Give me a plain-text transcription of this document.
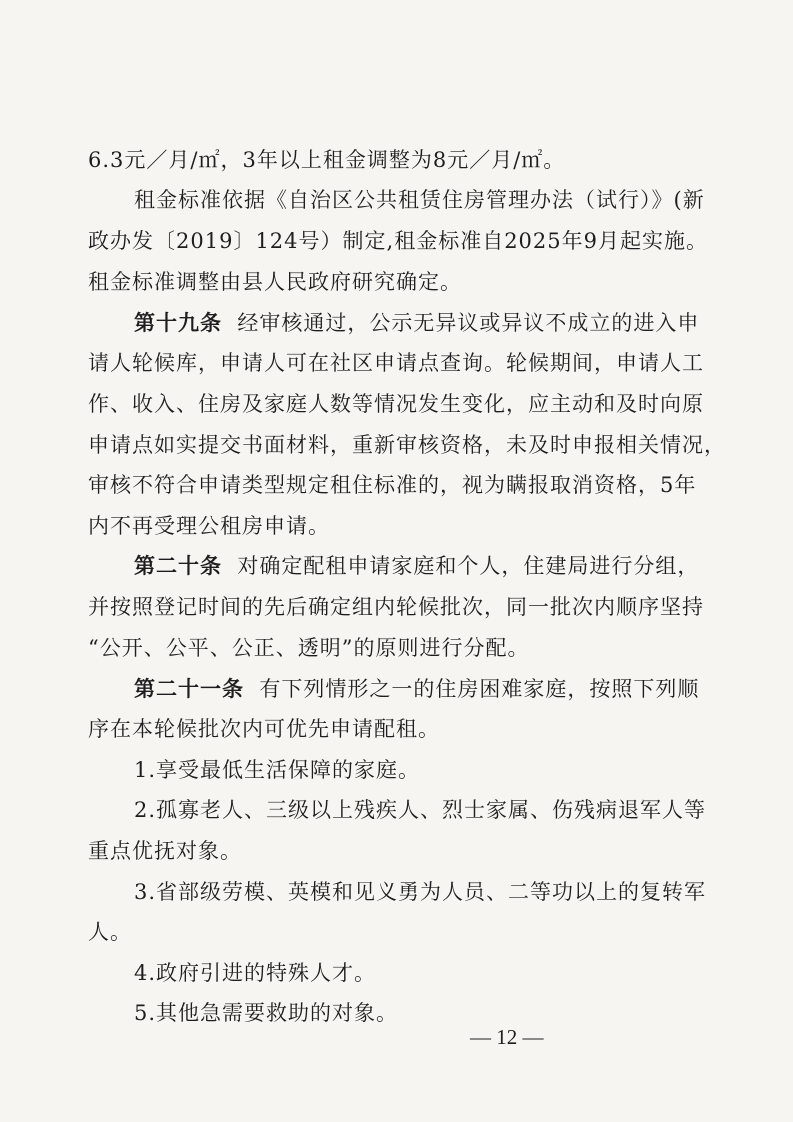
6.3元／月/㎡，3年以上租金调整为8元／月/㎡。
租金标准依据《自治区公共租赁住房管理办法（试行）》(新
政办发〔2019〕124号）制定,租金标准自2025年9月起实施。
租金标准调整由县人民政府研究确定。
第十九条 经审核通过，公示无异议或异议不成立的进入申
请人轮候库，申请人可在社区申请点查询。轮候期间，申请人工
作、收入、住房及家庭人数等情况发生变化，应主动和及时向原
申请点如实提交书面材料，重新审核资格，未及时申报相关情况，
审核不符合申请类型规定租住标准的，视为瞒报取消资格，5年
内不再受理公租房申请。
第二十条 对确定配租申请家庭和个人，住建局进行分组，
并按照登记时间的先后确定组内轮候批次，同一批次内顺序坚持
“公开、公平、公正、透明”的原则进行分配。
第二十一条 有下列情形之一的住房困难家庭，按照下列顺
序在本轮候批次内可优先申请配租。
1.享受最低生活保障的家庭。
2.孤寡老人、三级以上残疾人、烈士家属、伤残病退军人等
重点优抚对象。
3.省部级劳模、英模和见义勇为人员、二等功以上的复转军
人。
4.政府引进的特殊人才。
5.其他急需要救助的对象。
— 12 —
